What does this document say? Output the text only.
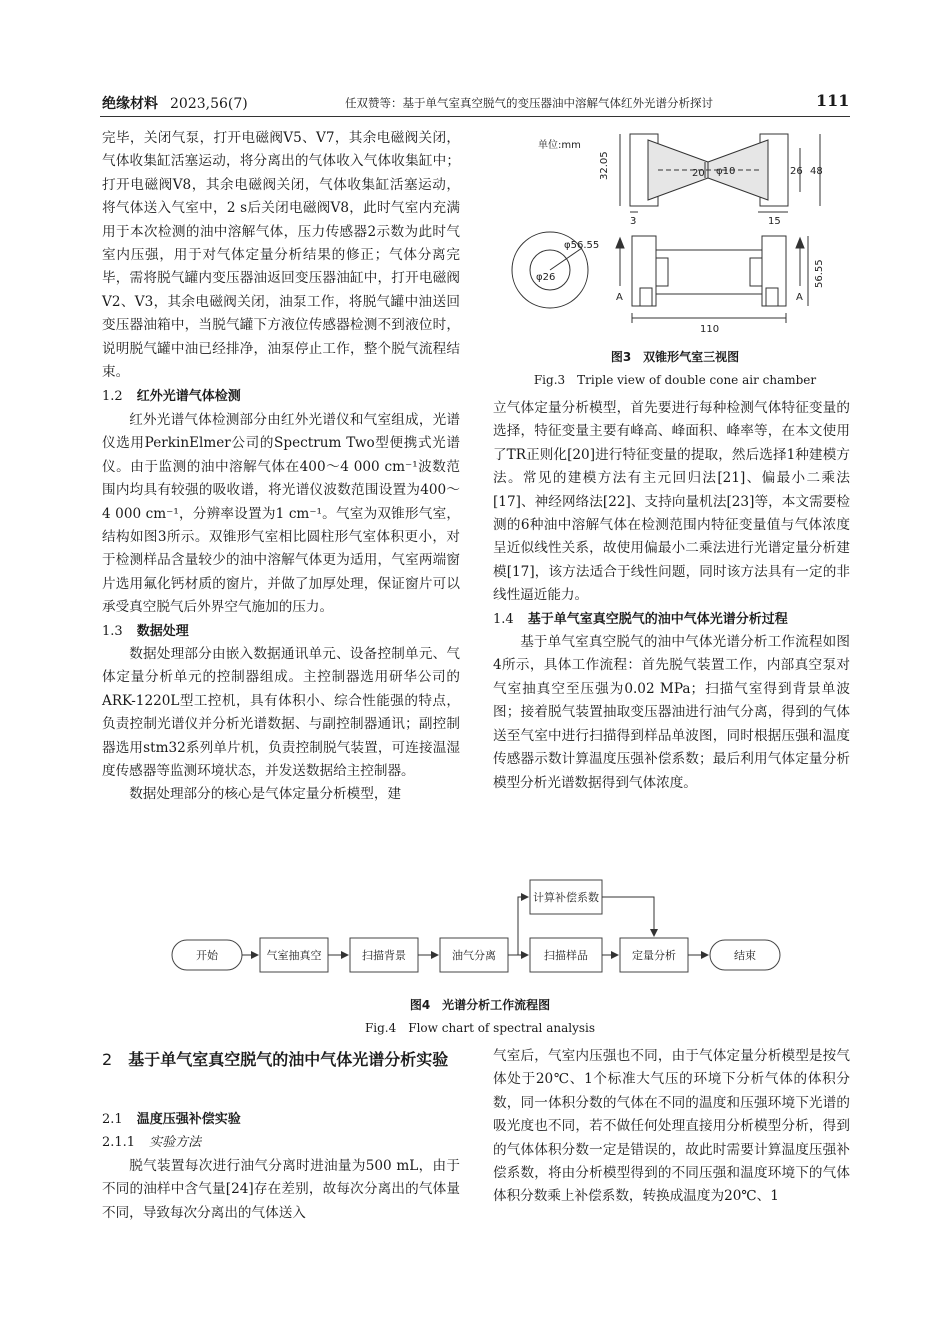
绝缘材料 2023,56(7)	任双赞等：基于单气室真空脱气的变压器油中溶解气体红外光谱分析探讨	111

完毕，关闭气泵，打开电磁阀V5、V7，其余电磁阀关闭，气体收集缸活塞运动，将分离出的气体收入气体收集缸中；打开电磁阀V8，其余电磁阀关闭，气体收集缸活塞运动，将气体送入气室中，2 s后关闭电磁阀V8，此时气室内充满用于本次检测的油中溶解气体，压力传感器2示数为此时气室内压强，用于对气体定量分析结果的修正；气体分离完毕，需将脱气罐内变压器油返回变压器油缸中，打开电磁阀V2、V3，其余电磁阀关闭，油泵工作，将脱气罐中油送回变压器油箱中，当脱气罐下方液位传感器检测不到液位时，说明脱气罐中油已经排净，油泵停止工作，整个脱气流程结束。

1.2 红外光谱气体检测

红外光谱气体检测部分由红外光谱仪和气室组成，光谱仪选用PerkinElmer公司的Spectrum Two型便携式光谱仪。由于监测的油中溶解气体在400～4 000 cm⁻¹波数范围内均具有较强的吸收谱，将光谱仪波数范围设置为400～4 000 cm⁻¹，分辨率设置为1 cm⁻¹。气室为双锥形气室，结构如图3所示。双锥形气室相比圆柱形气室体积更小，对于检测样品含量较少的油中溶解气体更为适用，气室两端窗片选用氟化钙材质的窗片，并做了加厚处理，保证窗片可以承受真空脱气后外界空气施加的压力。

1.3 数据处理

数据处理部分由嵌入数据通讯单元、设备控制单元、气体定量分析单元的控制器组成。主控制器选用研华公司的ARK-1220L型工控机，具有体积小、综合性能强的特点，负责控制光谱仪并分析光谱数据、与副控制器通讯；副控制器选用stm32系列单片机，负责控制脱气装置，可连接温湿度传感器等监测环境状态，并发送数据给主控制器。

数据处理部分的核心是气体定量分析模型，建

单位:mm
32.05	20 φ10	26 48
3	15
φ26
φ56.55
56.55
110
A	A
图3　双锥形气室三视图
Fig.3　Triple view of double cone air chamber

立气体定量分析模型，首先要进行每种检测气体特征变量的选择，特征变量主要有峰高、峰面积、峰率等，在本文使用了TR正则化[20]进行特征变量的提取，然后选择1种建模方法。常见的建模方法有主元回归法[21]、偏最小二乘法[17]、神经网络法[22]、支持向量机法[23]等，本文需要检测的6种油中溶解气体在检测范围内特征变量值与气体浓度呈近似线性关系，故使用偏最小二乘法进行光谱定量分析建模[17]，该方法适合于线性问题，同时该方法具有一定的非线性逼近能力。

1.4 基于单气室真空脱气的油中气体光谱分析过程

基于单气室真空脱气的油中气体光谱分析工作流程如图4所示，具体工作流程：首先脱气装置工作，内部真空泵对气室抽真空至压强为0.02 MPa；扫描气室得到背景单波图；接着脱气装置抽取变压器油进行油气分离，得到的气体送至气室中进行扫描得到样品单波图，同时根据压强和温度传感器示数计算温度压强补偿系数；最后利用气体定量分析模型分析光谱数据得到气体浓度。

开始	气室抽真空	扫描背景	油气分离	扫描样品	定量分析	结束
计算补偿系数
图4　光谱分析工作流程图
Fig.4　Flow chart of spectral analysis
2 基于单气室真空脱气的油中气体光谱分析实验
2.1 温度压强补偿实验
2.1.1 实验方法

脱气装置每次进行油气分离时进油量为500 mL，由于不同的油样中含气量[24]存在差别，故每次分离出的气体量不同，导致每次分离出的气体送入

气室后，气室内压强也不同，由于气体定量分析模型是按气体处于20℃、1个标准大气压的环境下分析气体的体积分数，同一体积分数的气体在不同的温度和压强环境下光谱的吸光度也不同，若不做任何处理直接用分析模型分析，得到的气体体积分数一定是错误的，故此时需要计算温度压强补偿系数，将由分析模型得到的不同压强和温度环境下的气体体积分数乘上补偿系数，转换成温度为20℃、1
